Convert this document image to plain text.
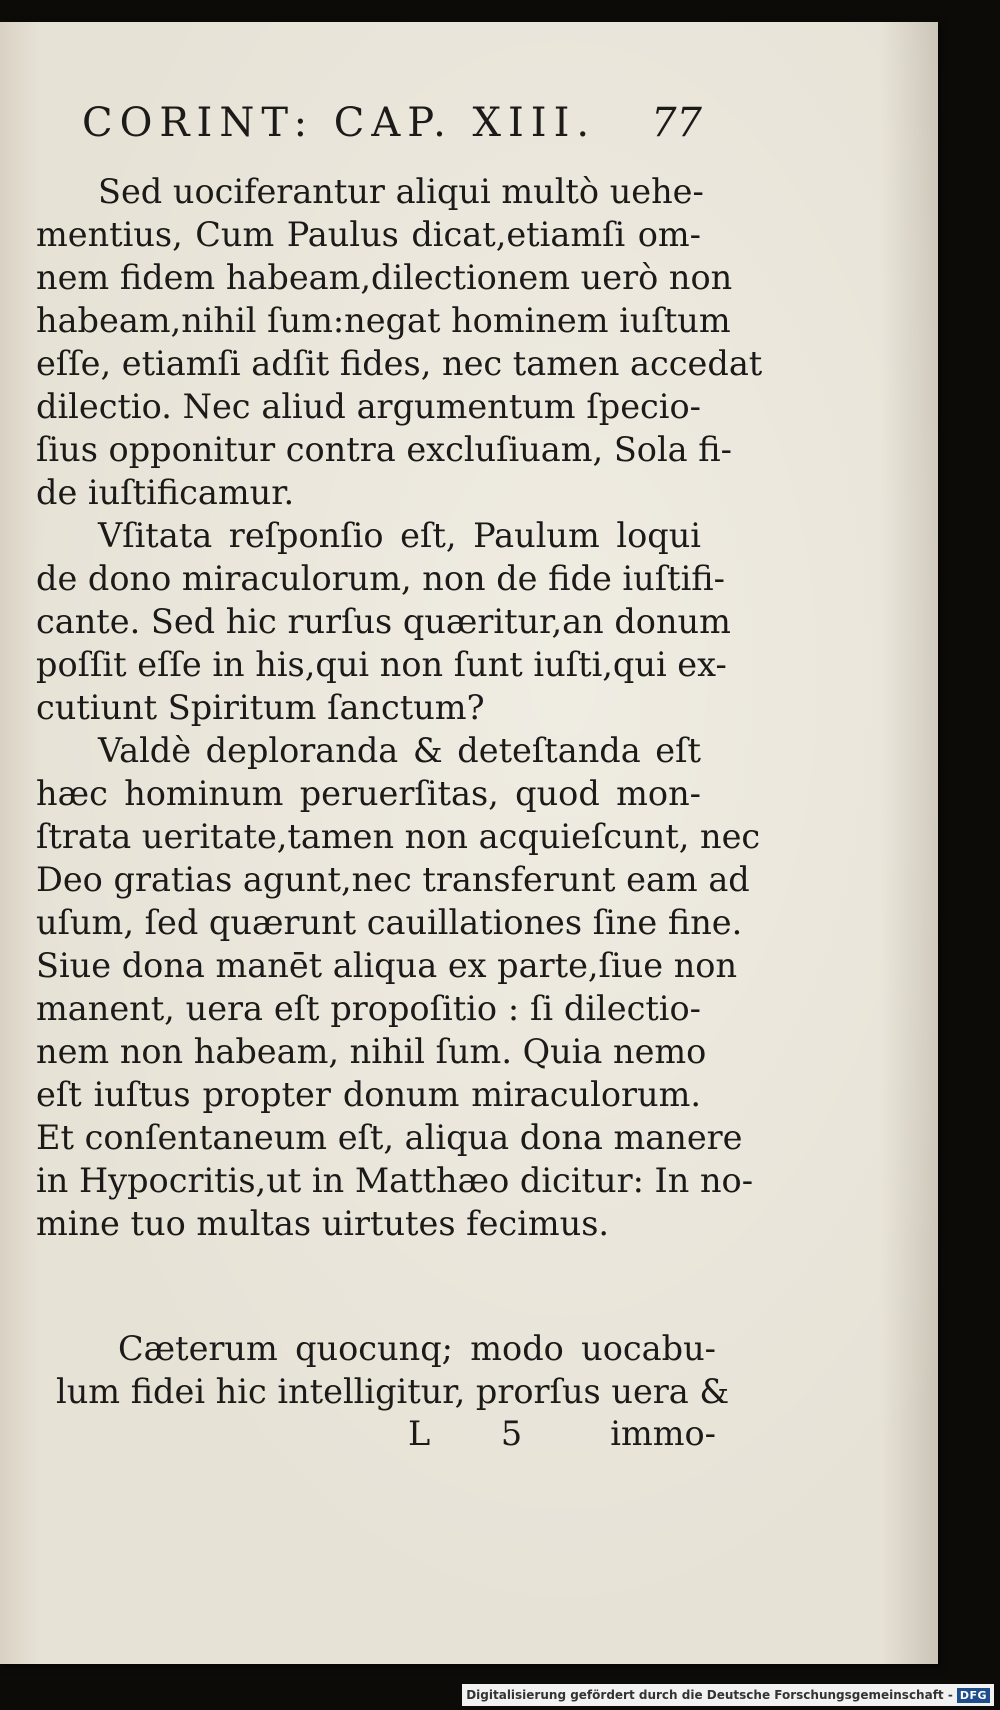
CORINT: CAP. XIII. 77

Sed uociferantur aliqui multò uehe-
mentius, Cum Paulus dicat,etiamſi om-
nem fidem habeam,dilectionem uerò non
habeam,nihil ſum:negat hominem iuſtum
eſſe, etiamſi adſit fides, nec tamen accedat
dilectio. Nec aliud argumentum ſpecio-
ſius opponitur contra excluſiuam, Sola fi-
de iuſtificamur.

Vſitata reſponſio eſt, Paulum loqui
de dono miraculorum, non de fide iuſtifi-
cante. Sed hic rurſus quæritur,an donum
poſſit eſſe in his,qui non ſunt iuſti,qui ex-
cutiunt Spiritum ſanctum?

Valdè deploranda & deteſtanda eſt
hæc hominum peruerſitas, quod mon-
ſtrata ueritate,tamen non acquieſcunt, nec
Deo gratias agunt,nec transferunt eam ad
uſum, ſed quærunt cauillationes ſine fine.
Siue dona manēt aliqua ex parte,ſiue non
manent, uera eſt propoſitio : ſi dilectio-
nem non habeam, nihil ſum. Quia nemo
eſt iuſtus propter donum miraculorum.
Et conſentaneum eſt, aliqua dona manere
in Hypocritis,ut in Matthæo dicitur: In no-
mine tuo multas uirtutes fecimus.

Cæterum quocunq; modo uocabu-
lum fidei hic intelligitur, prorſus uera &
L 5 immo-
Digitalisierung gefördert durch die Deutsche Forschungsgemeinschaft - DFG
